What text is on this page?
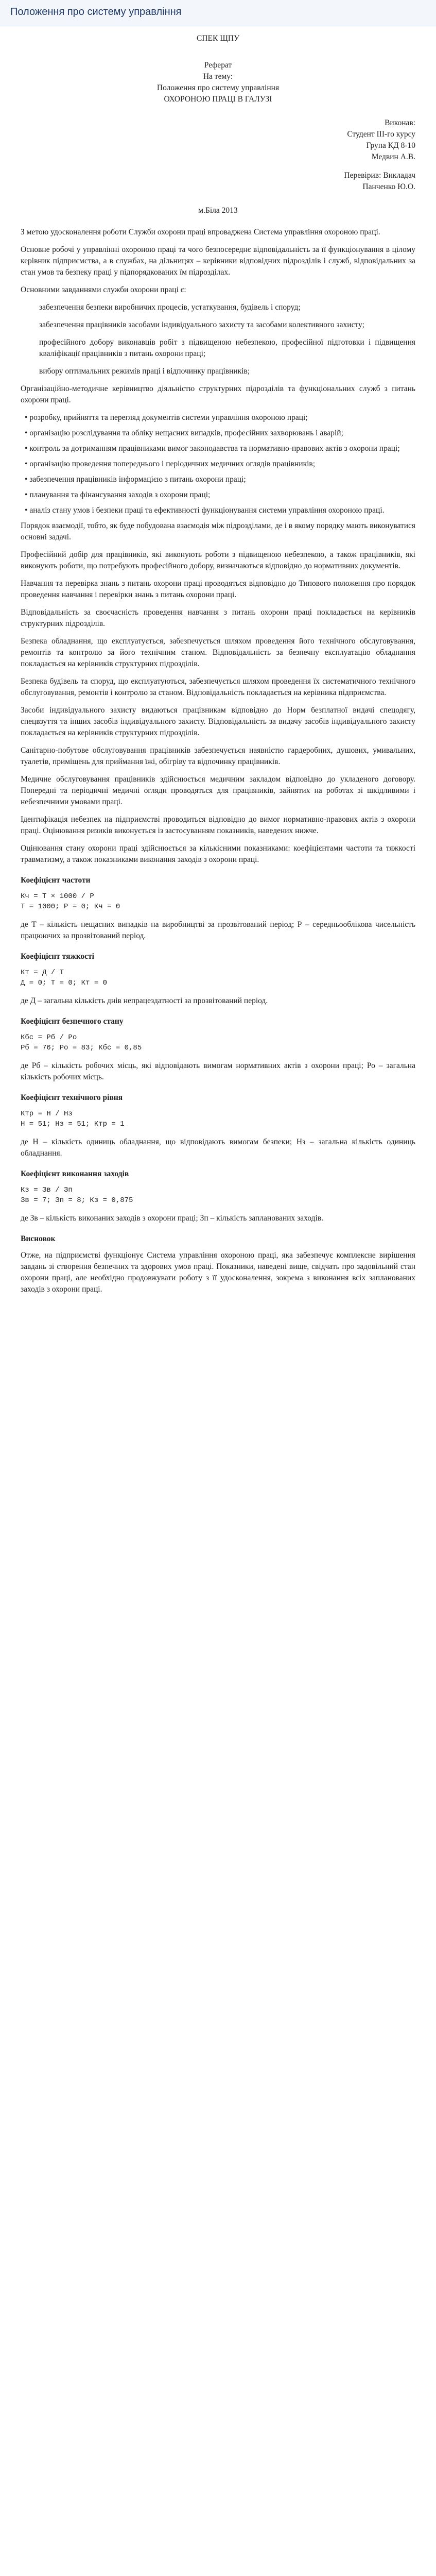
Положення про систему управління

СПЕК ЩПУ

Реферат

На тему:

Положення про систему управління

ОХОРОНОЮ ПРАЦІ В ГАЛУЗІ

Виконав:

Студент III-го курсу

Група КД 8-10

Медвин А.В.

Перевірив: Викладач

Панченко Ю.О.

м.Біла 2013

З метою удосконалення роботи Служби охорони праці впроваджена Система управління охороною праці.

Основне робочі у управлінні охороною праці та чого безпосереднє відповідальність за її функціонування в цілому керівник підприємства, а в службах, на дільницях – керівники відповідних підрозділів і служб, відповідальних за стан умов та безпеку праці у підпорядкованих їм підрозділах.

Основними завданнями служби охорони праці є:

забезпечення безпеки виробничих процесів, устаткування, будівель і споруд;

забезпечення працівників засобами індивідуального захисту та засобами колективного захисту;

професійного добору виконавців робіт з підвищеною небезпекою, професійної підготовки і підвищення кваліфікації працівників з питань охорони праці;

вибору оптимальних режимів праці і відпочинку працівників;

Організаційно-методичне керівництво діяльністю структурних підрозділів та функціональних служб з питань охорони праці.

• розробку, прийняття та перегляд документів системи управління охороною праці;

• організацію розслідування та обліку нещасних випадків, професійних захворювань і аварій;

• контроль за дотриманням працівниками вимог законодавства та нормативно-правових актів з охорони праці;

• організацію проведення попереднього і періодичних медичних оглядів працівників;

• забезпечення працівників інформацією з питань охорони праці;

• планування та фінансування заходів з охорони праці;

• аналіз стану умов і безпеки праці та ефективності функціонування системи управління охороною праці.

Порядок взаємодії, тобто, як буде побудована взаємодія між підрозділами, де і в якому порядку мають виконуватися основні задачі.

Професійний добір для працівників, які виконують роботи з підвищеною небезпекою, а також працівників, які виконують роботи, що потребують професійного добору, визначаються відповідно до нормативних документів.

Навчання та перевірка знань з питань охорони праці проводяться відповідно до Типового положення про порядок проведення навчання і перевірки знань з питань охорони праці.

Відповідальність за своєчасність проведення навчання з питань охорони праці покладається на керівників структурних підрозділів.

Безпека обладнання, що експлуатується, забезпечується шляхом проведення його технічного обслуговування, ремонтів та контролю за його технічним станом. Відповідальність за безпечну експлуатацію обладнання покладається на керівників структурних підрозділів.

Безпека будівель та споруд, що експлуатуються, забезпечується шляхом проведення їх систематичного технічного обслуговування, ремонтів і контролю за станом. Відповідальність покладається на керівника підприємства.

Засоби індивідуального захисту видаються працівникам відповідно до Норм безплатної видачі спецодягу, спецвзуття та інших засобів індивідуального захисту. Відповідальність за видачу засобів індивідуального захисту покладається на керівників структурних підрозділів.

Санітарно-побутове обслуговування працівників забезпечується наявністю гардеробних, душових, умивальних, туалетів, приміщень для приймання їжі, обігріву та відпочинку працівників.

Медичне обслуговування працівників здійснюється медичним закладом відповідно до укладеного договору. Попередні та періодичні медичні огляди проводяться для працівників, зайнятих на роботах зі шкідливими і небезпечними умовами праці.

Ідентифікація небезпек на підприємстві проводиться відповідно до вимог нормативно-правових актів з охорони праці. Оцінювання ризиків виконується із застосуванням показників, наведених нижче.

Оцінювання стану охорони праці здійснюється за кількісними показниками: коефіцієнтами частоти та тяжкості травматизму, а також показниками виконання заходів з охорони праці.

Коефіцієнт частоти

Кч = Т × 1000 / Р

Т = 1000; Р = 0; Кч = 0

де Т – кількість нещасних випадків на виробництві за прозвітований період; Р – середньооблікова чисельність працюючих за прозвітований період.

Коефіцієнт тяжкості

Кт = Д / Т

Д = 0; Т = 0; Кт = 0

де Д – загальна кількість днів непрацездатності за прозвітований період.

Коефіцієнт безпечного стану

Кбс = Рб / Ро

Рб = 76; Ро = 83; Кбс = 0,85

де Рб – кількість робочих місць, які відповідають вимогам нормативних актів з охорони праці; Ро – загальна кількість робочих місць.

Коефіцієнт технічного рівня

Ктр = Н / Нз

Н = 51; Нз = 51; Ктр = 1

де Н – кількість одиниць обладнання, що відповідають вимогам безпеки; Нз – загальна кількість одиниць обладнання.

Коефіцієнт виконання заходів

Кз = Зв / Зп

Зв = 7; Зп = 8; Кз = 0,875

де Зв – кількість виконаних заходів з охорони праці; Зп – кількість запланованих заходів.

Висновок

Отже, на підприємстві функціонує Система управління охороною праці, яка забезпечує комплексне вирішення завдань зі створення безпечних та здорових умов праці. Показники, наведені вище, свідчать про задовільний стан охорони праці, але необхідно продовжувати роботу з її удосконалення, зокрема з виконання всіх запланованих заходів з охорони праці.
